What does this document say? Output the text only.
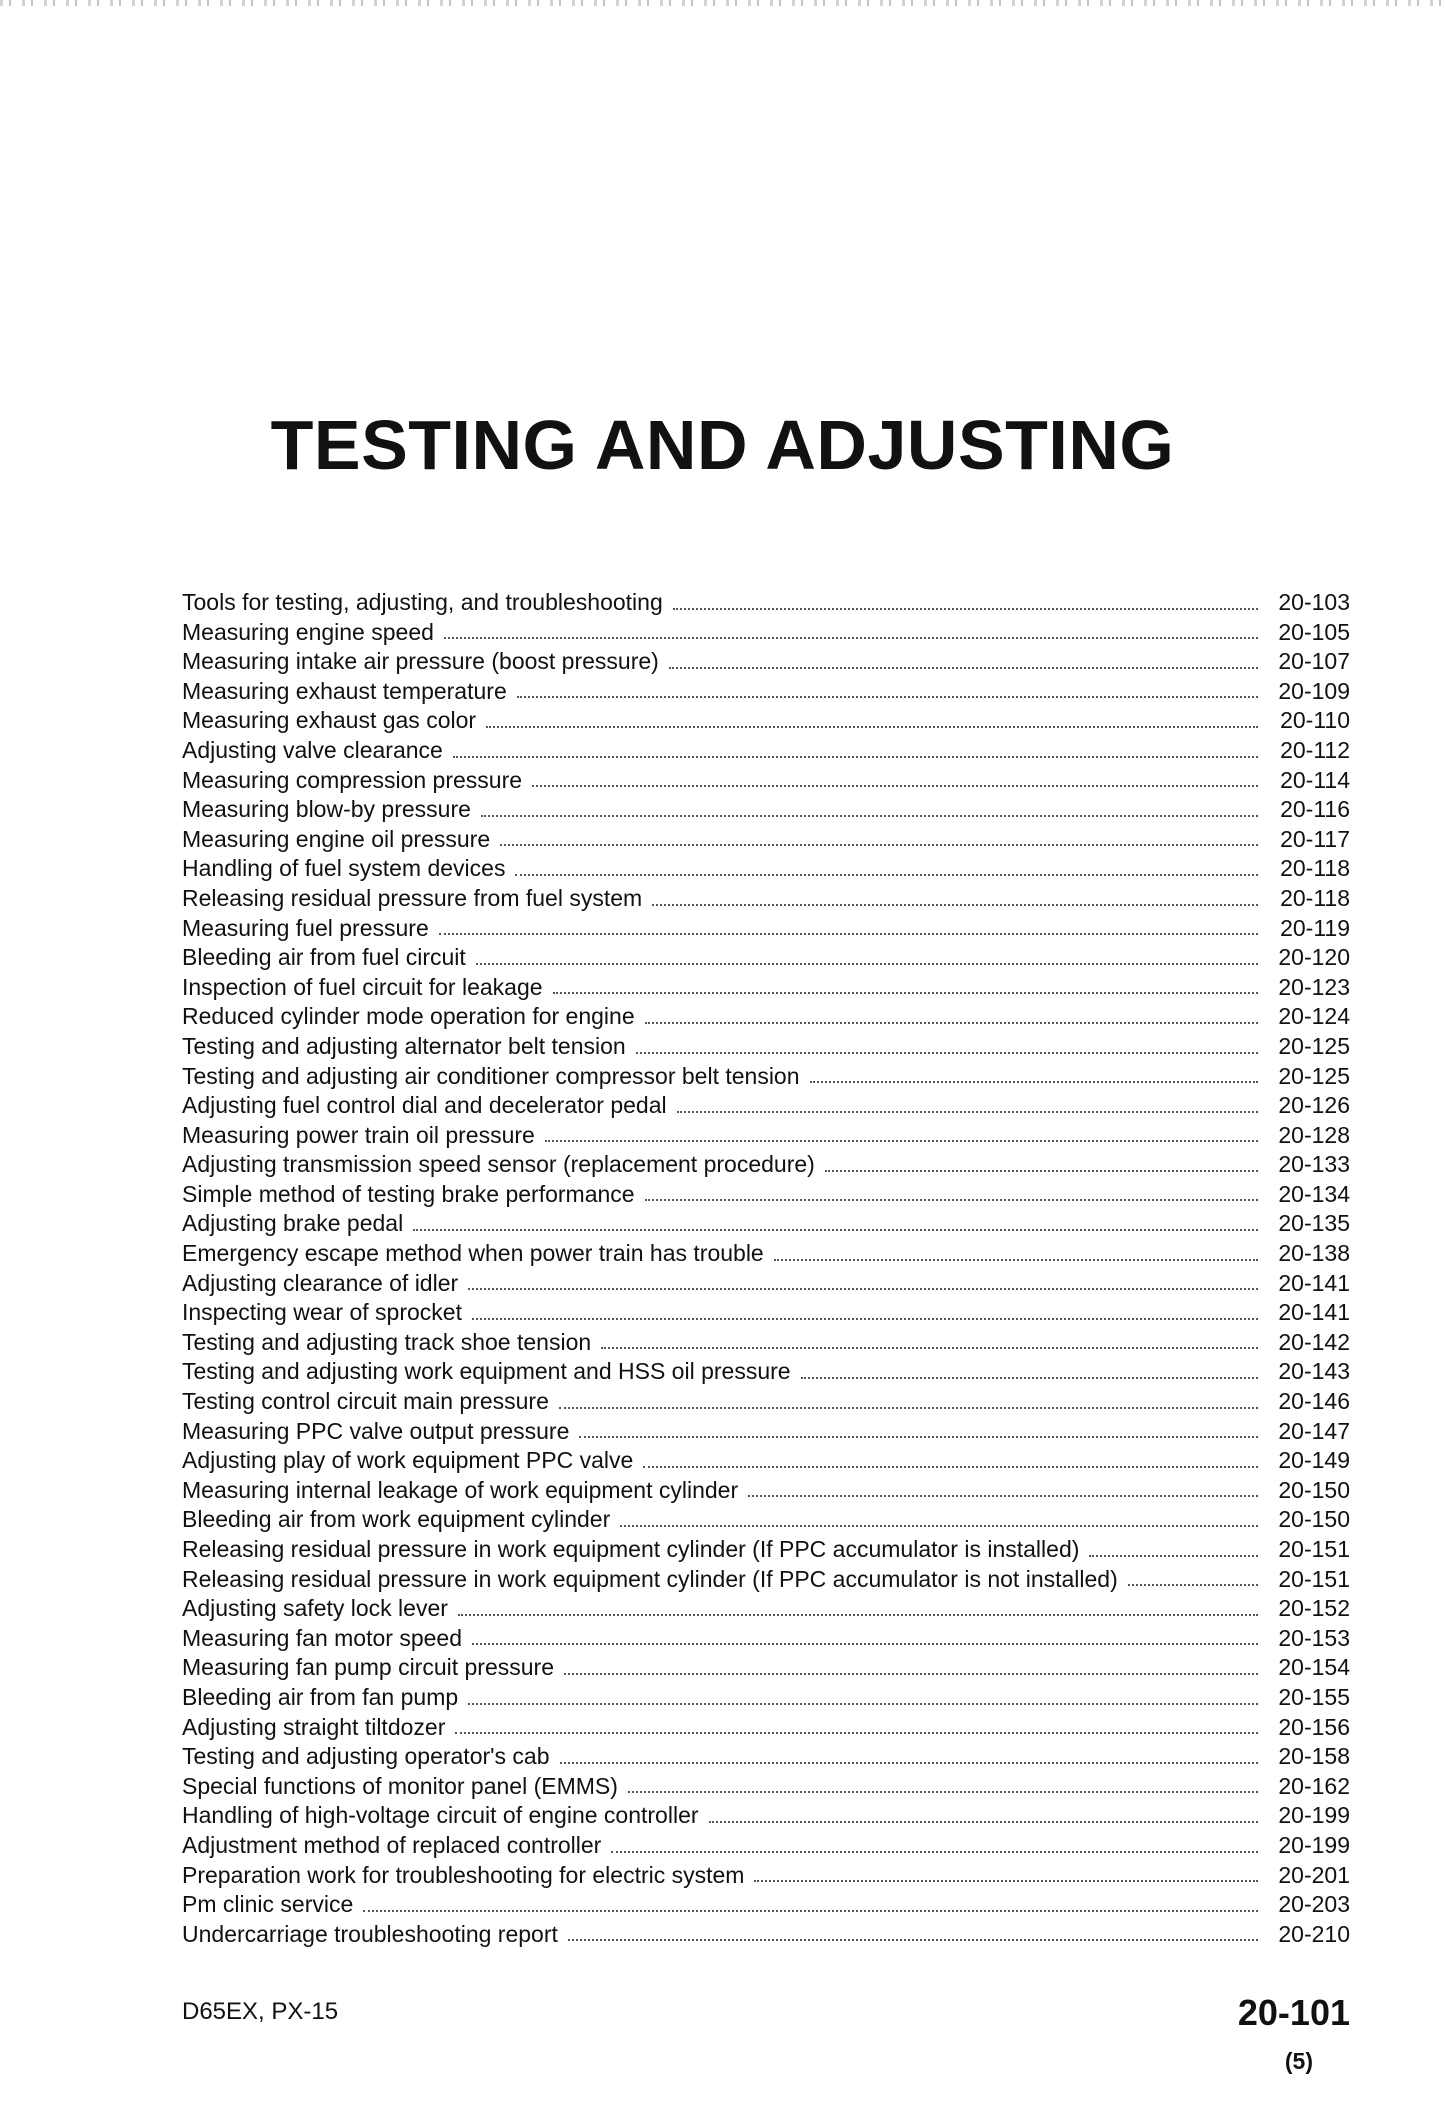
TESTING AND ADJUSTING
Tools for testing, adjusting, and troubleshooting	20-103
Measuring engine speed	20-105
Measuring intake air pressure (boost pressure)	20-107
Measuring exhaust temperature	20-109
Measuring exhaust gas color	20-110
Adjusting valve clearance	20-112
Measuring compression pressure	20-114
Measuring blow-by pressure	20-116
Measuring engine oil pressure	20-117
Handling of fuel system devices	20-118
Releasing residual pressure from fuel system	20-118
Measuring fuel pressure	20-119
Bleeding air from fuel circuit	20-120
Inspection of fuel circuit for leakage	20-123
Reduced cylinder mode operation for engine	20-124
Testing and adjusting alternator belt tension	20-125
Testing and adjusting air conditioner compressor belt tension	20-125
Adjusting fuel control dial and decelerator pedal	20-126
Measuring power train oil pressure	20-128
Adjusting transmission speed sensor (replacement procedure)	20-133
Simple method of testing brake performance	20-134
Adjusting brake pedal	20-135
Emergency escape method when power train has trouble	20-138
Adjusting clearance of idler	20-141
Inspecting wear of sprocket	20-141
Testing and adjusting track shoe tension	20-142
Testing and adjusting work equipment and HSS oil pressure	20-143
Testing control circuit main pressure	20-146
Measuring PPC valve output pressure	20-147
Adjusting play of work equipment PPC valve	20-149
Measuring internal leakage of work equipment cylinder	20-150
Bleeding air from work equipment cylinder	20-150
Releasing residual pressure in work equipment cylinder (If PPC accumulator is installed)	20-151
Releasing residual pressure in work equipment cylinder (If PPC accumulator is not installed)	20-151
Adjusting safety lock lever	20-152
Measuring fan motor speed	20-153
Measuring fan pump circuit pressure	20-154
Bleeding air from fan pump	20-155
Adjusting straight tiltdozer	20-156
Testing and adjusting operator's cab	20-158
Special functions of monitor panel (EMMS)	20-162
Handling of high-voltage circuit of engine controller	20-199
Adjustment method of replaced controller	20-199
Preparation work for troubleshooting for electric system	20-201
Pm clinic service	20-203
Undercarriage troubleshooting report	20-210
D65EX, PX-15	20-101
(5)
